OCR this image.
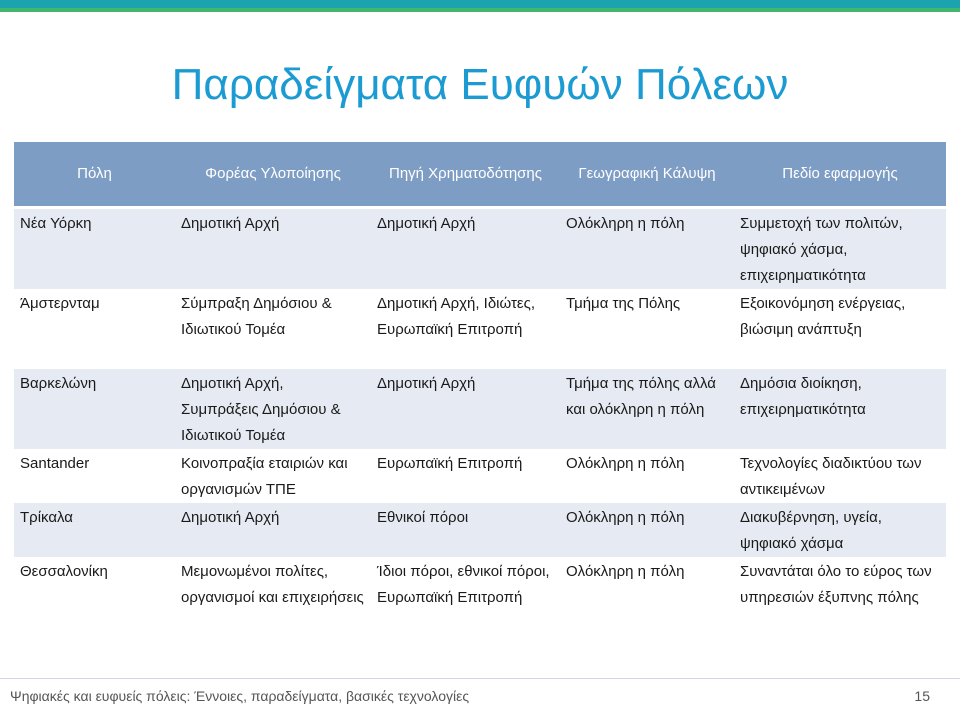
Παραδείγματα Ευφυών Πόλεων
Πόλη	Φορέας Υλοποίησης	Πηγή Χρηματοδότησης	Γεωγραφική Κάλυψη	Πεδίο εφαρμογής
Νέα Υόρκη	Δημοτική Αρχή	Δημοτική Αρχή	Ολόκληρη η πόλη	Συμμετοχή των πολιτών, ψηφιακό χάσμα, επιχειρηματικότητα
Άμστερνταμ	Σύμπραξη Δημόσιου & Ιδιωτικού Τομέα	Δημοτική Αρχή, Ιδιώτες, Ευρωπαϊκή Επιτροπή	Τμήμα της Πόλης	Εξοικονόμηση ενέργειας, βιώσιμη ανάπτυξη
Βαρκελώνη	Δημοτική Αρχή, Συμπράξεις Δημόσιου & Ιδιωτικού Τομέα	Δημοτική Αρχή	Τμήμα της πόλης αλλά και ολόκληρη η πόλη	Δημόσια διοίκηση, επιχειρηματικότητα
Santander	Κοινοπραξία εταιριών και οργανισμών ΤΠΕ	Ευρωπαϊκή Επιτροπή	Ολόκληρη η πόλη	Τεχνολογίες διαδικτύου των αντικειμένων
Τρίκαλα	Δημοτική Αρχή	Εθνικοί πόροι	Ολόκληρη η πόλη	Διακυβέρνηση, υγεία, ψηφιακό χάσμα
Θεσσαλονίκη	Μεμονωμένοι πολίτες, οργανισμοί και επιχειρήσεις	Ίδιοι πόροι, εθνικοί πόροι, Ευρωπαϊκή Επιτροπή	Ολόκληρη η πόλη	Συναντάται όλο το εύρος των υπηρεσιών έξυπνης πόλης
Ψηφιακές και ευφυείς πόλεις: Έννοιες, παραδείγματα, βασικές τεχνολογίες	15
